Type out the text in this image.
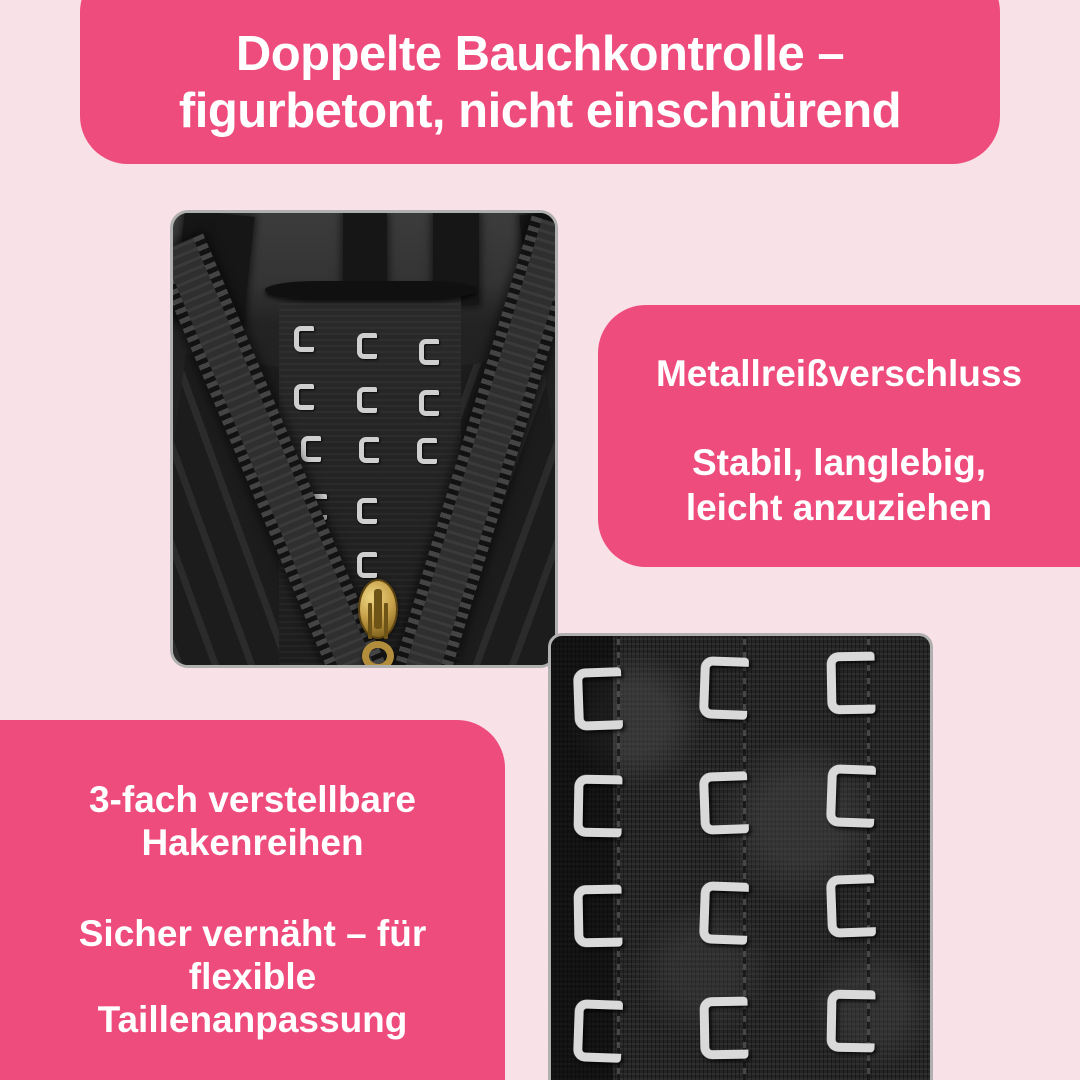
Doppelte Bauchkontrolle –
figurbetont, nicht einschnürend
Metallreißverschluss
Stabil, langlebig,
leicht anzuziehen
3-fach verstellbare
Hakenreihen
Sicher vernäht – für
flexible
Taillenanpassung
